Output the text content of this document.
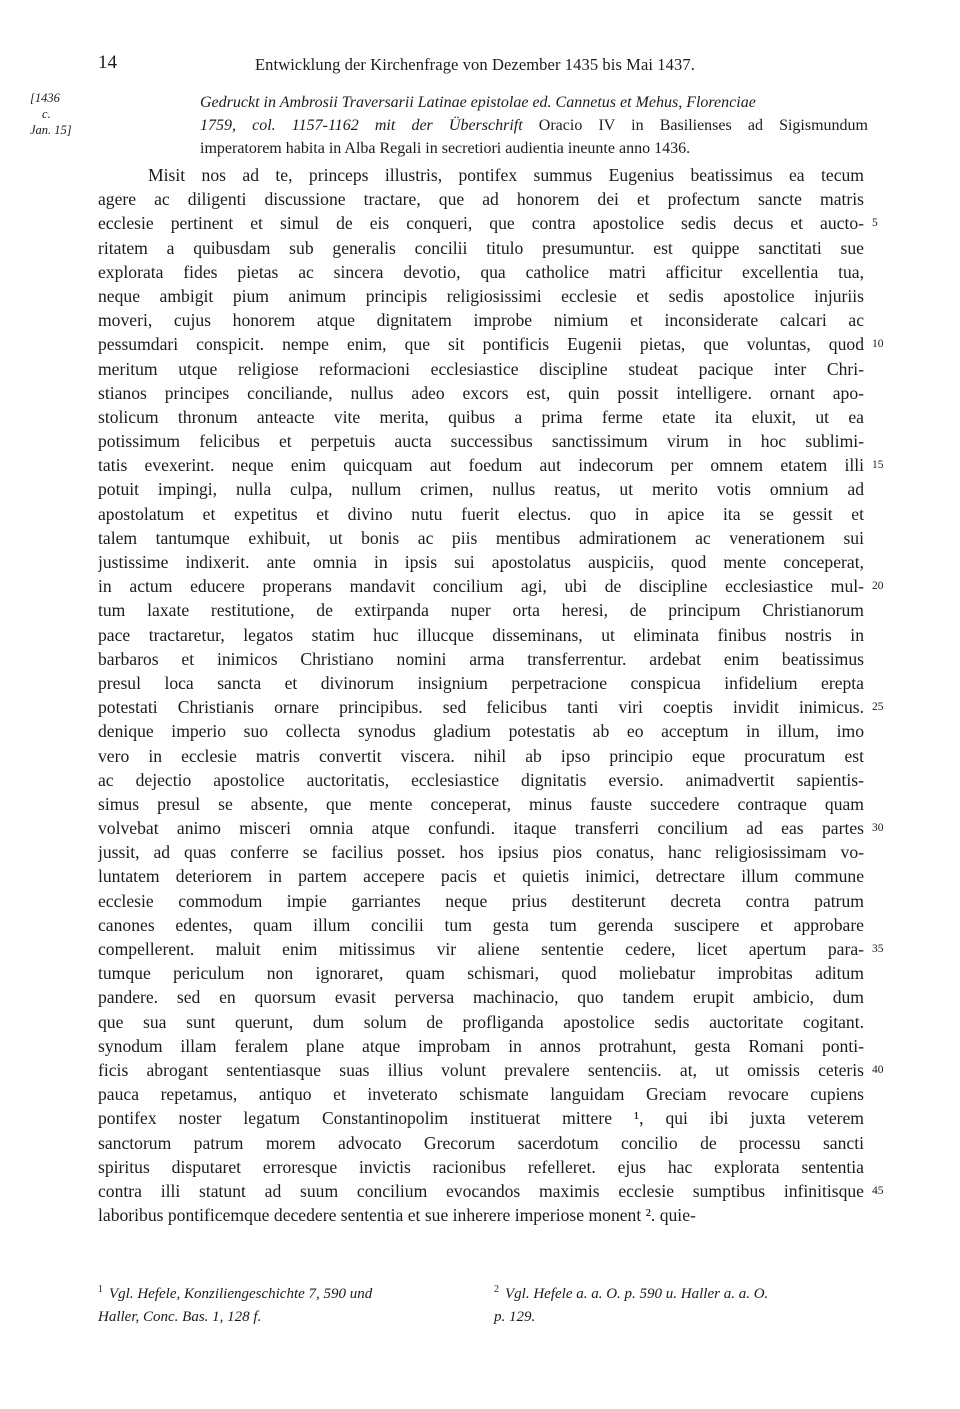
14	Entwicklung der Kirchenfrage von Dezember 1435 bis Mai 1437.
[1436
c.
Jan. 15]
Gedruckt in Ambrosii Traversarii Latinae epistolae ed. Cannetus et Mehus, Florenciae
1759, col. 1157-1162 mit der Überschrift Oracio IV in Basilienses ad Sigismundum
imperatorem habita in Alba Regali in secretiori audientia ineunte anno 1436.
Misit nos ad te, princeps illustris, pontifex summus Eugenius beatissimus ea tecum
agere ac diligenti discussione tractare, que ad honorem dei et profectum sancte matris
ecclesie pertinent et simul de eis conqueri, que contra apostolice sedis decus et aucto-
ritatem a quibusdam sub generalis concilii titulo presumuntur. est quippe sanctitati sue
explorata fides pietas ac sincera devotio, qua catholice matri afficitur excellentia tua,
neque ambigit pium animum principis religiosissimi ecclesie et sedis apostolice injuriis
moveri, cujus honorem atque dignitatem improbe nimium et inconsiderate calcari ac
pessumdari conspicit. nempe enim, que sit pontificis Eugenii pietas, que voluntas, quod
meritum utque religiose reformacioni ecclesiastice discipline studeat pacique inter Chri-
stianos principes conciliande, nullus adeo excors est, quin possit intelligere. ornant apo-
stolicum thronum anteacte vite merita, quibus a prima ferme etate ita eluxit, ut ea
potissimum felicibus et perpetuis aucta successibus sanctissimum virum in hoc sublimi-
tatis evexerint. neque enim quicquam aut foedum aut indecorum per omnem etatem illi
potuit impingi, nulla culpa, nullum crimen, nullus reatus, ut merito votis omnium ad
apostolatum et expetitus et divino nutu fuerit electus. quo in apice ita se gessit et
talem tantumque exhibuit, ut bonis ac piis mentibus admirationem ac venerationem sui
justissime indixerit. ante omnia in ipsis sui apostolatus auspiciis, quod mente conceperat,
in actum educere properans mandavit concilium agi, ubi de discipline ecclesiastice mul-
tum laxate restitutione, de extirpanda nuper orta heresi, de principum Christianorum
pace tractaretur, legatos statim huc illucque disseminans, ut eliminata finibus nostris in
barbaros et inimicos Christiano nomini arma transferrentur. ardebat enim beatissimus
presul loca sancta et divinorum insignium perpetracione conspicua infidelium erepta
potestati Christianis ornare principibus. sed felicibus tanti viri coeptis invidit inimicus.
denique imperio suo collecta synodus gladium potestatis ab eo acceptum in illum, imo
vero in ecclesie matris convertit viscera. nihil ab ipso principio eque procuratum est
ac dejectio apostolice auctoritatis, ecclesiastice dignitatis eversio. animadvertit sapientis-
simus presul se absente, que mente conceperat, minus fauste succedere contraque quam
volvebat animo misceri omnia atque confundi. itaque transferri concilium ad eas partes
jussit, ad quas conferre se facilius posset. hos ipsius pios conatus, hanc religiosissimam vo-
luntatem deteriorem in partem accepere pacis et quietis inimici, detrectare illum commune
ecclesie commodum impie garriantes neque prius destiterunt decreta contra patrum
canones edentes, quam illum concilii tum gesta tum gerenda suscipere et approbare
compellerent. maluit enim mitissimus vir aliene sententie cedere, licet apertum para-
tumque periculum non ignoraret, quam schismari, quod moliebatur improbitas aditum
pandere. sed en quorsum evasit perversa machinacio, quo tandem erupit ambicio, dum
que sua sunt querunt, dum solum de profliganda apostolice sedis auctoritate cogitant.
synodum illam feralem plane atque improbam in annos protrahunt, gesta Romani ponti-
ficis abrogant sententiasque suas illius volunt prevalere sentenciis. at, ut omissis ceteris
pauca repetamus, antiquo et inveterato schismate languidam Greciam revocare cupiens
pontifex noster legatum Constantinopolim instituerat mittere ¹, qui ibi juxta veterem
sanctorum patrum morem advocato Grecorum sacerdotum concilio de processu sancti
spiritus disputaret erroresque invictis racionibus refelleret. ejus hac explorata sententia
contra illi statunt ad suum concilium evocandos maximis ecclesie sumptibus infinitisque
laboribus pontificemque decedere sententia et sue inherere imperiose monent ². quie-
5
10
15
20
25
30
35
40
45
$^1$ Vgl. Hefele, Konziliengeschichte 7, 590 und
Haller, Conc. Bas. 1, 128 f.
$^2$ Vgl. Hefele a. a. O. p. 590 u. Haller a. a. O.
p. 129.
